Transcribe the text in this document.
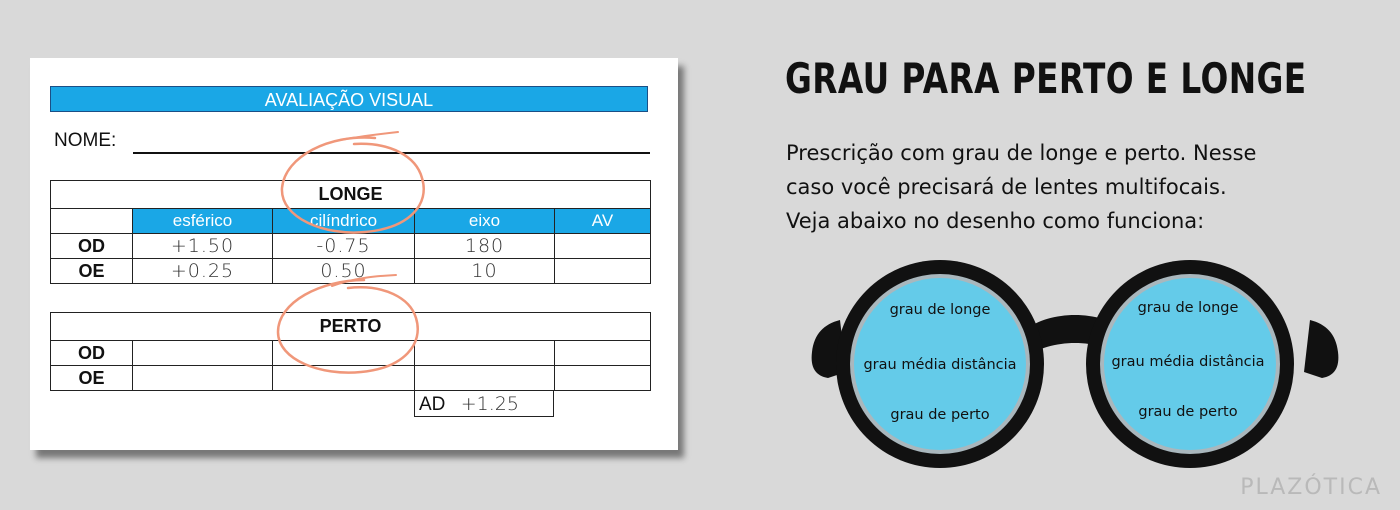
AVALIAÇÃO VISUAL
NOME:
LONGE				
	esférico	cilíndrico	eixo	AV
OD	+1.50	-0.75	180	
OE	+0.25	0.50	10	
PERTO				
OD				
OE				
AD +1.25
GRAU PARA PERTO E LONGE
Prescrição com grau de longe e perto. Nesse
caso você precisará de lentes multifocais.
Veja abaixo no desenho como funciona:
grau de longe
grau média distância
grau de perto
grau de longe
grau média distância
grau de perto
PLAZÓTICA
